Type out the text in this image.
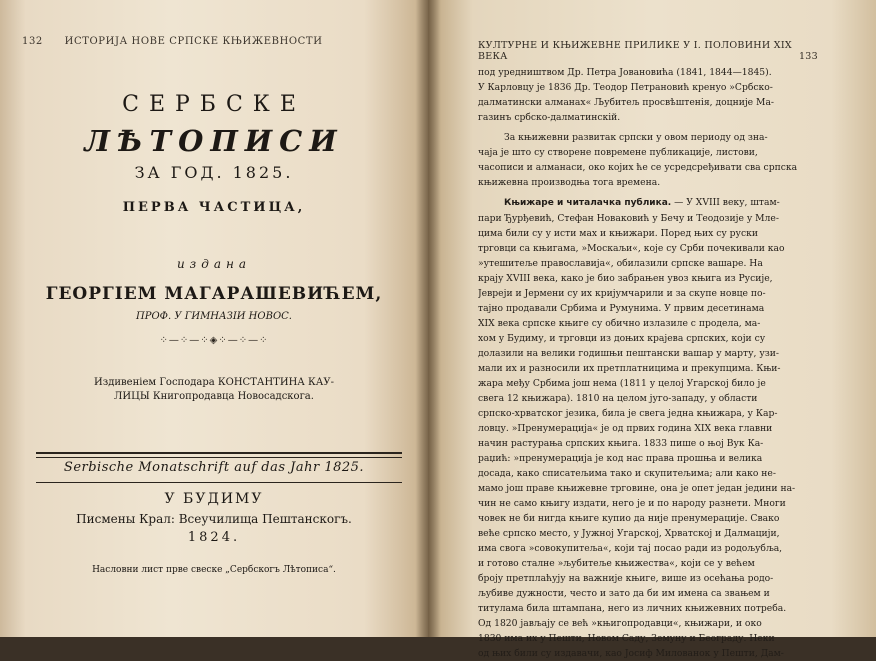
132 ИСТОРИЈА НОВЕ СРПСКЕ КЊИЖЕВНОСТИ
СЕРБСКЕ
ЛѢТОПИСИ
ЗА ГОД. 1825.
ПЕРВА ЧАСТИЦА,
издана
ГЕОРГІЕМ МАГАРАШЕВИЋЕМ,
ПРОФ. У ГИМНАЗІИ НОВОС.
⁘—⁘—⁘◈⁘—⁘—⁘
Издивеніем Господара КОНСТАНТИНА КАУ-
ЛИЦЫ Книгопродавца Новосадскога.
Serbische Monatschrift auf das Jahr 1825.
У БУДИМУ
Писмены Крал: Всеучилища Пештанскогъ.
1824.
Насловни лист прве свеске „Сербскогъ Лѣтописа“.
КУЛТУРНЕ И КЊИЖЕВНЕ ПРИЛИКЕ У I. ПОЛОВИНИ XIX ВЕКА	133
под уредништвом Др. Петра Јовановића (1841, 1844—1845).
У Карловцу је 1836 Др. Теодор Петрановић кренуо »Србско-
далматински алманах« Љубитељ просвѣштенія, доцније Ма-
газинъ србско-далматинскій.
За књижевни развитак српски у овом периоду од зна-
чаја је што су створене повремене публикације, листови,
часописи и алманаси, око којих ће се усредсређивати сва српска
књижевна производња тога времена.
Књижаре и читалачка публика. — У XVIII веку, штам-
пари Ђурђевић, Стефан Новаковић у Бечу и Теодозије у Мле-
цима били су у исти мах и књижари. Поред њих су руски
трговци са књигама, »Москаљи«, које су Срби почекивали као
»утешитеље православија«, обилазили српске вашаре. На
крају XVIII века, како је био забрањен увоз књига из Русије,
Јевреји и Јермени су их кријумчарили и за скупе новце по-
тајно продавали Србима и Румунима. У првим десетинама
XIX века српске књиге су обично излазиле с продела, ма-
хом у Будиму, и трговци из доњих крајева српских, који су
долазили на велики годишњи пештански вашар у марту, узи-
мали их и разносили их претплатницима и прекупцима. Књи-
жара међу Србима још нема (1811 у целој Угарској било је
свега 12 књижара). 1810 на целом југо-западу, у области
српско-хрватског језика, била је свега једна књижара, у Кар-
ловцу. »Пренумерација« је од првих година XIX века главни
начин растурања српских књига. 1833 пише о њој Вук Ка-
раџић: »пренумерација је код нас права прошња и велика
досада, како списатељима тако и скупитељима; али како не-
мамо још праве књижевне трговине, она је опет један једини на-
чин не само књигу издати, него је и по народу разнети. Многи
човек не би нигда књиге купио да није пренумерације. Свако
веће српско место, у Јужној Угарској, Хрватској и Далмацији,
има свога »совокупитеља«, који тај посао ради из родољубља,
и готово сталне »љубитеље књижества«, који се у већем
броју претплаћују на важније књиге, више из осећања родо-
љубиве дужности, често и зато да би им имена са звањем и
титулама била штампана, него из личних књижевних потреба.
Од 1820 јављају се већ »књигопродавци«, књижари, и око
1830 има их у Пешти, Новом Саду, Земуну и Београду. Неки
од њих били су издавачи, као Јосиф Милованок у Пешти, Дам-
